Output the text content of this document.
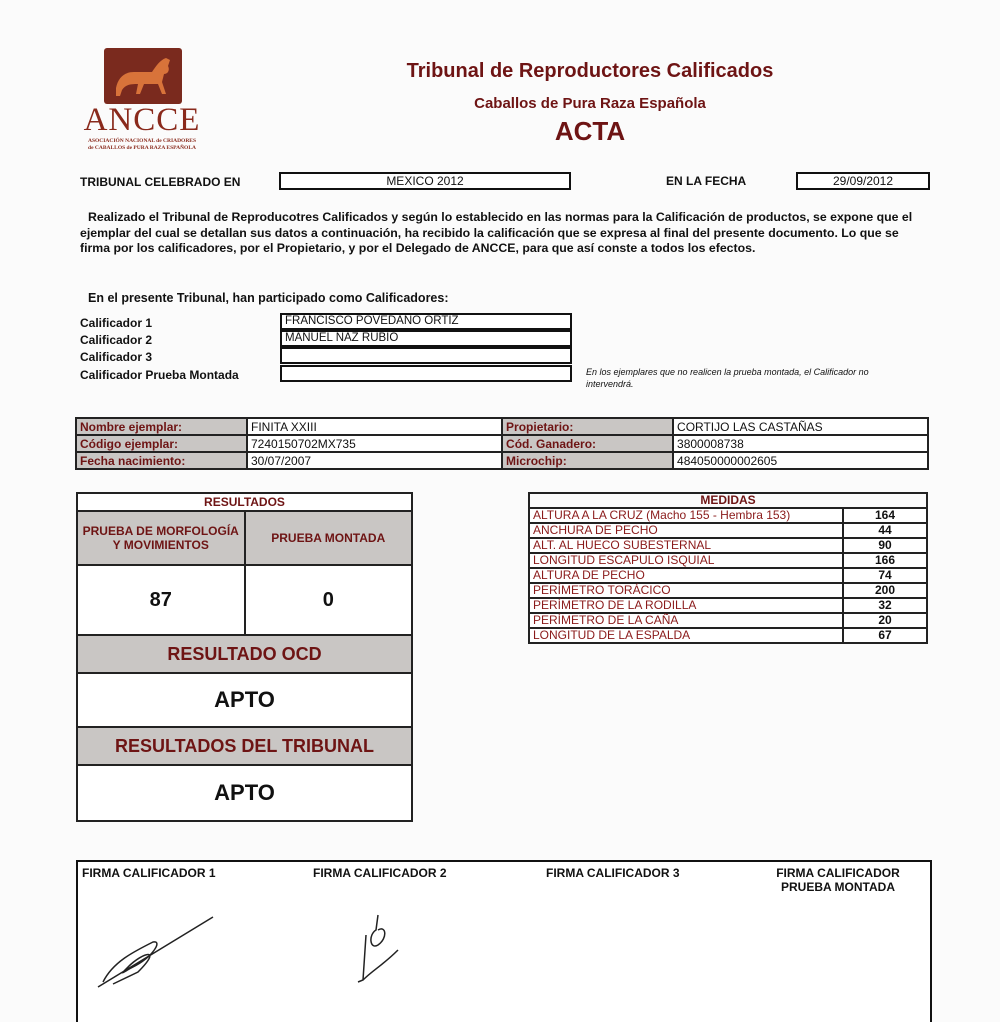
ANCCE
ASOCIACIÓN NACIONAL de CRIADORES
de CABALLOS de PURA RAZA ESPAÑOLA
Tribunal de Reproductores Calificados
Caballos de Pura Raza Española
ACTA
TRIBUNAL CELEBRADO EN	MEXICO 2012	EN LA FECHA	29/09/2012
Realizado el Tribunal de Reproducotres Calificados y según lo establecido en las normas para la Calificación de productos, se expone que el ejemplar del cual se detallan sus datos a continuación, ha recibido la calificación que se expresa al final del presente documento. Lo que se firma por los calificadores, por el Propietario, y por el Delegado de ANCCE, para que así conste a todos los efectos.
En el presente Tribunal, han participado como Calificadores:
Calificador 1	FRANCISCO POVEDANO ORTIZ
Calificador 2	MANUEL NAZ RUBIO
Calificador 3
Calificador Prueba Montada	En los ejemplares que no realicen la prueba montada, el Calificador no intervendrá.
Nombre ejemplar:	FINITA XXIII	Propietario:	CORTIJO LAS CASTAÑAS
Código ejemplar:	7240150702MX735	Cód. Ganadero:	3800008738
Fecha nacimiento:	30/07/2007	Microchip:	484050000002605
RESULTADOS	
PRUEBA DE MORFOLOGÍA Y MOVIMIENTOS	PRUEBA MONTADA
87	0
RESULTADO OCD	
APTO	
RESULTADOS DEL TRIBUNAL	
APTO	
MEDIDAS	
ALTURA A LA CRUZ (Macho 155 - Hembra 153)	164
ANCHURA DE PECHO	44
ALT. AL HUECO SUBESTERNAL	90
LONGITUD ESCAPULO ISQUIAL	166
ALTURA DE PECHO	74
PERÍMETRO TORÁCICO	200
PERÍMETRO DE LA RODILLA	32
PERÍMETRO DE LA CAÑA	20
LONGITUD DE LA ESPALDA	67
FIRMA CALIFICADOR 1	FIRMA CALIFICADOR 2	FIRMA CALIFICADOR 3	FIRMA CALIFICADOR PRUEBA MONTADA
